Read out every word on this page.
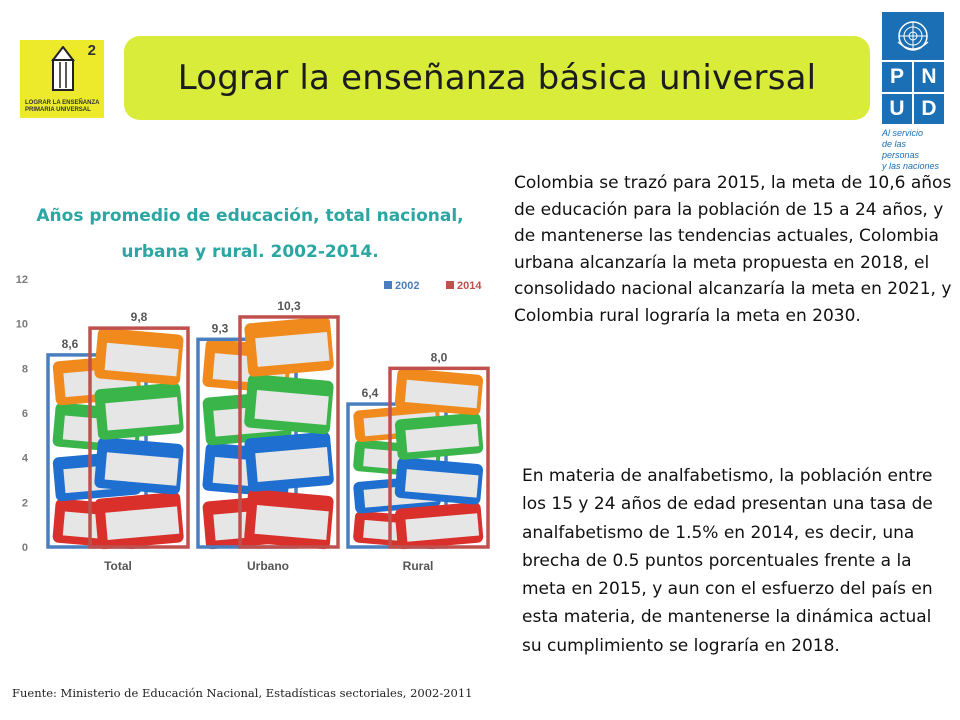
2
LOGRAR LA ENSEÑANZA
PRIMARIA UNIVERSAL
Lograr la enseñanza básica universal	P N
U D
Al servicio
de las personas
y las naciones
Años promedio de educación, total nacional,
urbana y rural. 2002-2014.
0
2
4
6
8
10
12
8,6
9,3
6,4
9,8
10,3
8,0
Total	Urbano	Rural
2002	2014
Colombia se trazó para 2015, la meta de 10,6 años de educación para la población de 15 a 24 años, y de mantenerse las tendencias actuales, Colombia urbana alcanzaría la meta propuesta en 2018, el consolidado nacional alcanzaría la meta en 2021, y Colombia rural lograría la meta en 2030.
En materia de analfabetismo, la población entre los 15 y 24 años de edad presentan una tasa de analfabetismo de 1.5% en 2014, es decir, una brecha de 0.5 puntos porcentuales frente a la meta en 2015, y aun con el esfuerzo del país en esta materia, de mantenerse la dinámica actual su cumplimiento se lograría en 2018.
Fuente: Ministerio de Educación Nacional, Estadísticas sectoriales, 2002-2011
